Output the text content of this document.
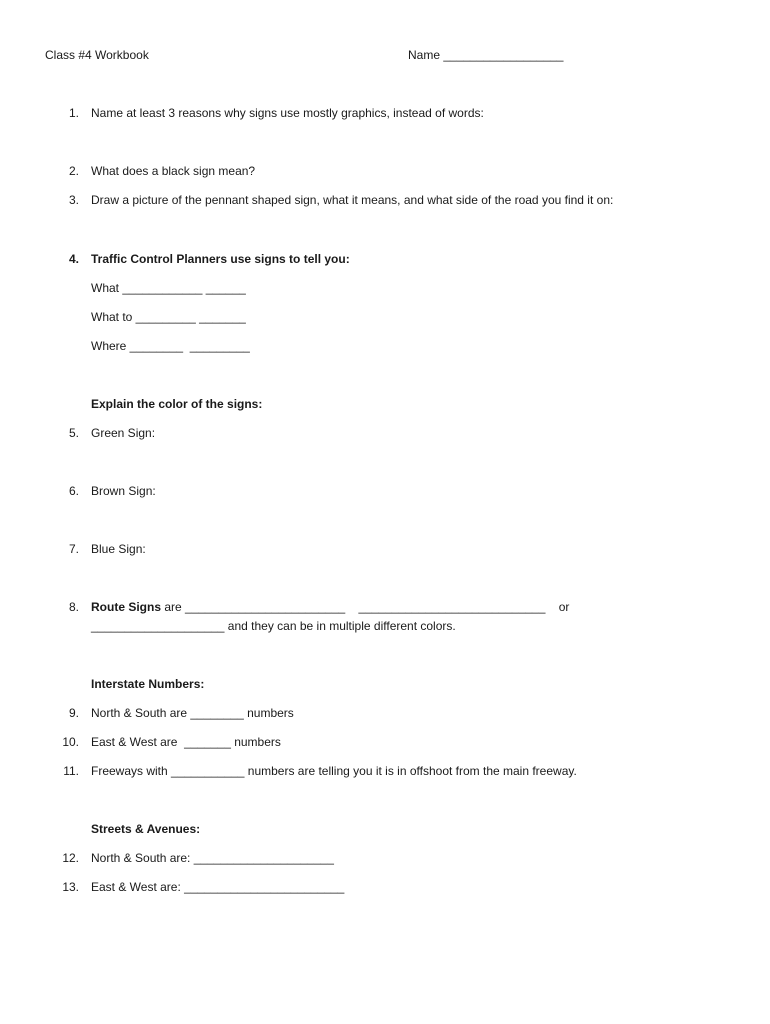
Class #4 Workbook	Name __________________
1. Name at least 3 reasons why signs use mostly graphics, instead of words:
2. What does a black sign mean?
3. Draw a picture of the pennant shaped sign, what it means, and what side of the road you find it on:
4. Traffic Control Planners use signs to tell you:
What ____________ ______
What to _________ _______
Where ________  _________
Explain the color of the signs:
5. Green Sign:
6. Brown Sign:
7. Blue Sign:
8. Route Signs are ________________________    ____________________________    or
____________________ and they can be in multiple different colors.
Interstate Numbers:
9. North & South are ________ numbers
10. East & West are  _______ numbers
11. Freeways with ___________ numbers are telling you it is in offshoot from the main freeway.
Streets & Avenues:
12. North & South are: _____________________
13. East & West are: ________________________
